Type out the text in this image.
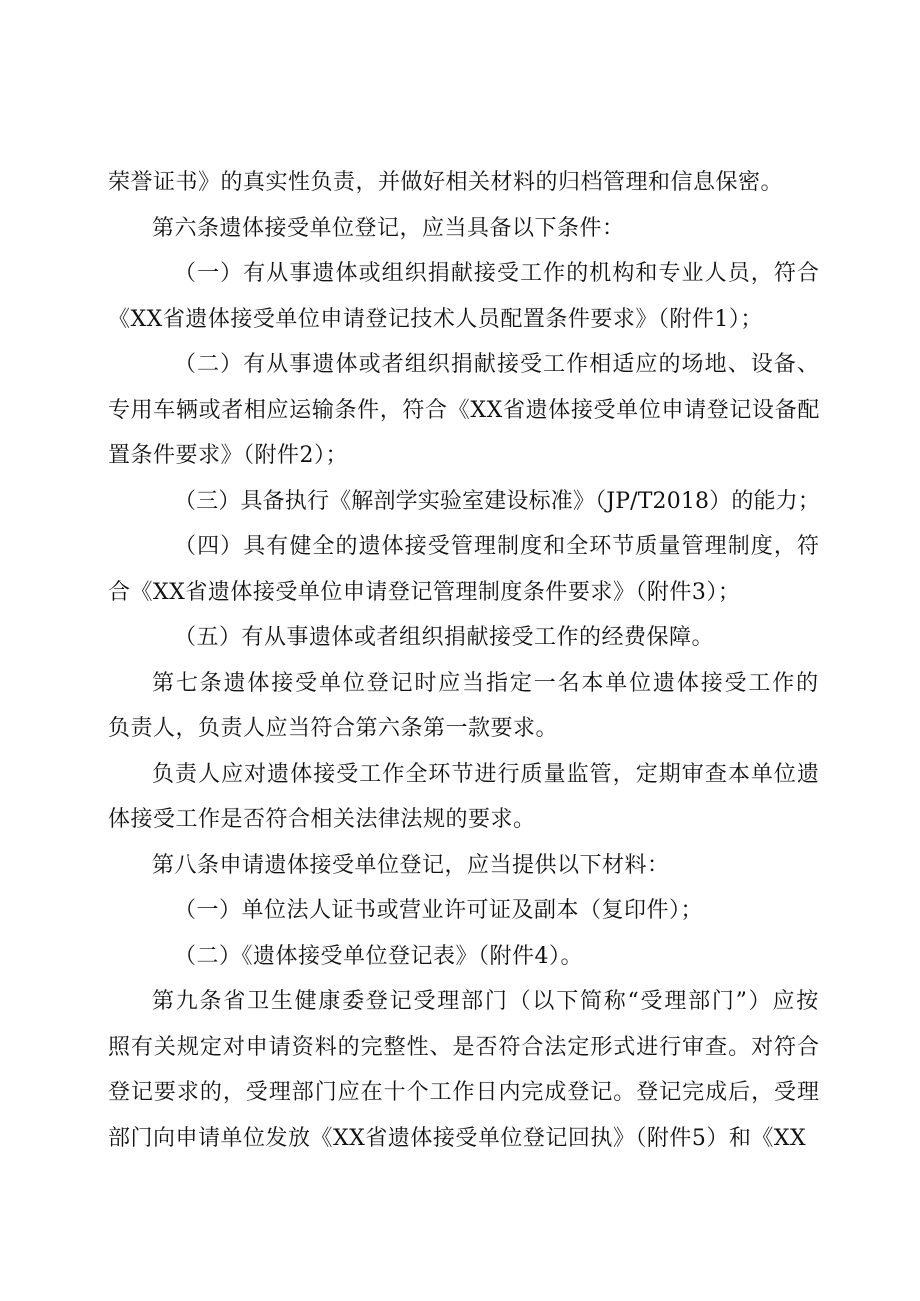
荣誉证书》的真实性负责，并做好相关材料的归档管理和信息保密。

第六条遗体接受单位登记，应当具备以下条件：

（一）有从事遗体或组织捐献接受工作的机构和专业人员，符合
《XX省遗体接受单位申请登记技术人员配置条件要求》（附件1）；

（二）有从事遗体或者组织捐献接受工作相适应的场地、设备、
专用车辆或者相应运输条件，符合《XX省遗体接受单位申请登记设备配
置条件要求》（附件2）；

（三）具备执行《解剖学实验室建设标准》（JP/T2018）的能力；

（四）具有健全的遗体接受管理制度和全环节质量管理制度，符
合《XX省遗体接受单位申请登记管理制度条件要求》（附件3）；

（五）有从事遗体或者组织捐献接受工作的经费保障。

第七条遗体接受单位登记时应当指定一名本单位遗体接受工作的
负责人，负责人应当符合第六条第一款要求。

负责人应对遗体接受工作全环节进行质量监管，定期审查本单位遗
体接受工作是否符合相关法律法规的要求。

第八条申请遗体接受单位登记，应当提供以下材料：

（一）单位法人证书或营业许可证及副本（复印件）；

（二）《遗体接受单位登记表》（附件4）。

第九条省卫生健康委登记受理部门（以下简称“受理部门”）应按
照有关规定对申请资料的完整性、是否符合法定形式进行审查。对符合
登记要求的，受理部门应在十个工作日内完成登记。登记完成后，受理
部门向申请单位发放《XX省遗体接受单位登记回执》（附件5）和《XX
